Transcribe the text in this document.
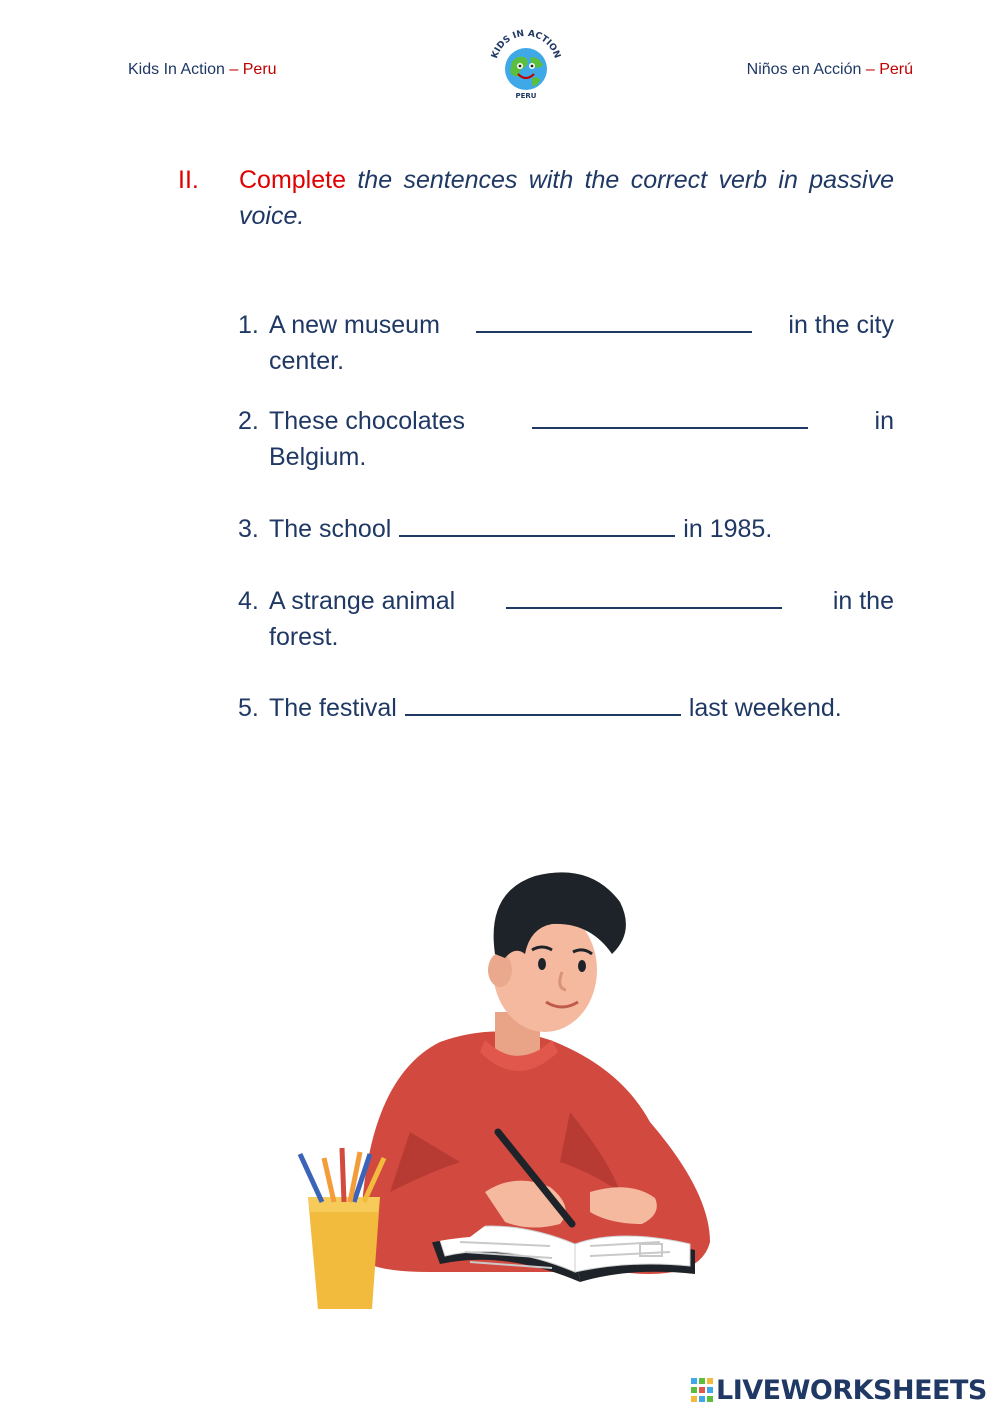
Kids In Action – Peru
KIDS IN ACTION
PERU
Niños en Acción – Perú
II. Complete the sentences with the correct verb in passive voice.
1. A new museum	in the city
center.
2. These chocolates	in
Belgium.
3. The school	in 1985.
4. A strange animal	in the
forest.
5. The festival	last weekend.
LIVEWORKSHEETS
